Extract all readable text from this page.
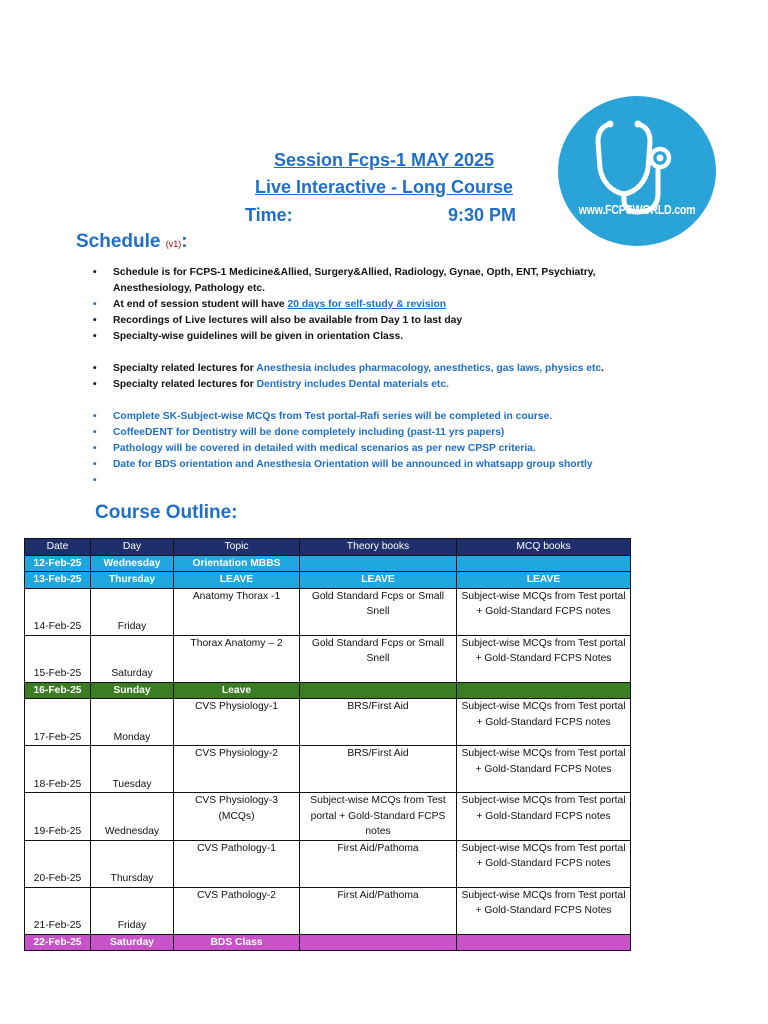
www.FCPSWORLD.com
Session Fcps-1 MAY 2025
Live Interactive - Long Course
Time:	9:30 PM
Schedule (v1):
• Schedule is for FCPS-1 Medicine&Allied, Surgery&Allied, Radiology, Gynae, Opth, ENT, Psychiatry, Anesthesiology, Pathology etc.
• At end of session student will have 20 days for self-study & revision
• Recordings of Live lectures will also be available from Day 1 to last day
• Specialty-wise guidelines will be given in orientation Class.
• Specialty related lectures for Anesthesia includes pharmacology, anesthetics, gas laws, physics etc.
• Specialty related lectures for Dentistry includes Dental materials etc.
• Complete SK-Subject-wise MCQs from Test portal-Rafi series will be completed in course.
• CoffeeDENT for Dentistry will be done completely including (past-11 yrs papers)
• Pathology will be covered in detailed with medical scenarios as per new CPSP criteria.
• Date for BDS orientation and Anesthesia Orientation will be announced in whatsapp group shortly
•
Course Outline:
Date	Day	Topic	Theory books	MCQ books
12-Feb-25	Wednesday	Orientation MBBS		
13-Feb-25	Thursday	LEAVE	LEAVE	LEAVE
14-Feb-25	Friday	Anatomy Thorax -1	Gold Standard Fcps or Small Snell	Subject-wise MCQs from Test portal + Gold-Standard FCPS notes
15-Feb-25	Saturday	Thorax Anatomy – 2	Gold Standard Fcps or Small Snell	Subject-wise MCQs from Test portal + Gold-Standard FCPS Notes
16-Feb-25	Sunday	Leave		
17-Feb-25	Monday	CVS Physiology-1	BRS/First Aid	Subject-wise MCQs from Test portal + Gold-Standard FCPS notes
18-Feb-25	Tuesday	CVS Physiology-2	BRS/First Aid	Subject-wise MCQs from Test portal + Gold-Standard FCPS Notes
19-Feb-25	Wednesday	CVS Physiology-3 (MCQs)	Subject-wise MCQs from Test portal + Gold-Standard FCPS notes	Subject-wise MCQs from Test portal + Gold-Standard FCPS notes
20-Feb-25	Thursday	CVS Pathology-1	First Aid/Pathoma	Subject-wise MCQs from Test portal + Gold-Standard FCPS notes
21-Feb-25	Friday	CVS Pathology-2	First Aid/Pathoma	Subject-wise MCQs from Test portal + Gold-Standard FCPS Notes
22-Feb-25	Saturday	BDS Class		
